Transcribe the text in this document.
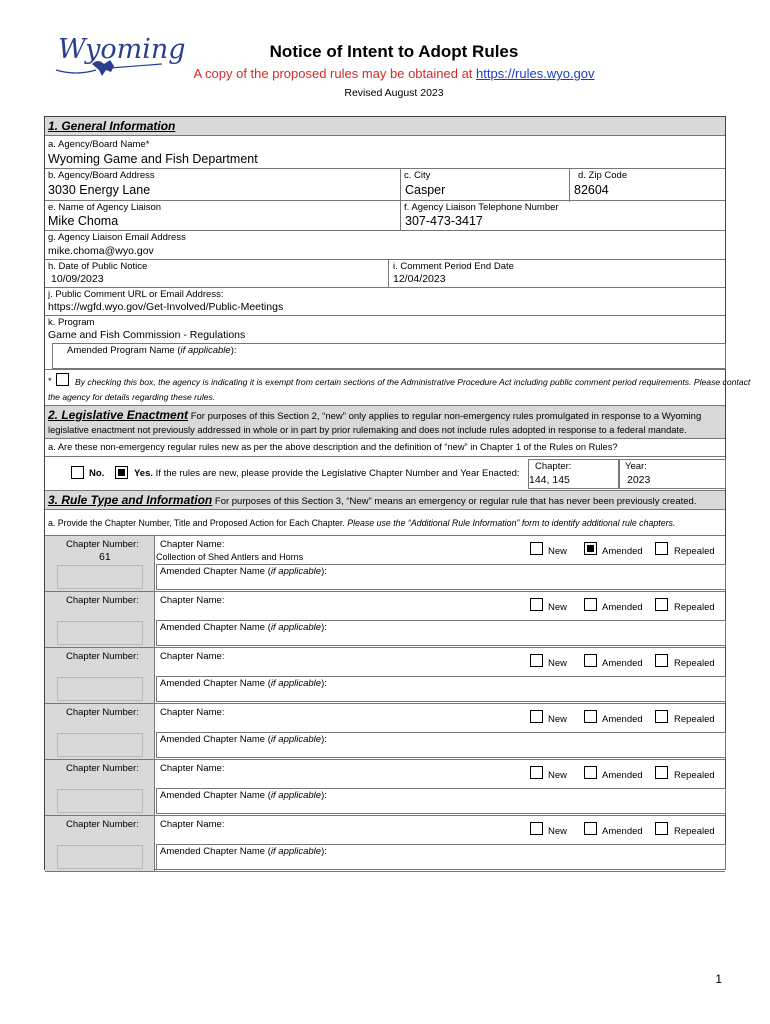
Wyoming	Notice of Intent to Adopt Rules
A copy of the proposed rules may be obtained at https://rules.wyo.gov
Revised August 2023
1. General Information
a. Agency/Board Name*
Wyoming Game and Fish Department
b. Agency/Board Address
3030 Energy Lane
c. City
Casper
d. Zip Code
82604
e. Name of Agency Liaison
Mike Choma
f. Agency Liaison Telephone Number
307-473-3417
g. Agency Liaison Email Address
mike.choma@wyo.gov
h. Date of Public Notice
10/09/2023
i. Comment Period End Date
12/04/2023
j. Public Comment URL or Email Address:
https://wgfd.wyo.gov/Get-Involved/Public-Meetings
k. Program
Game and Fish Commission - Regulations
Amended Program Name (if applicable):
*	By checking this box, the agency is indicating it is exempt from certain sections of the Administrative Procedure Act including public comment period requirements. Please contact
the agency for details regarding these rules.
2. Legislative Enactment For purposes of this Section 2, “new” only applies to regular non-emergency rules promulgated in response to a Wyoming
legislative enactment not previously addressed in whole or in part by prior rulemaking and does not include rules adopted in response to a federal mandate.
a. Are these non-emergency regular rules new as per the above description and the definition of “new” in Chapter 1 of the Rules on Rules?
No.	Yes. If the rules are new, please provide the Legislative Chapter Number and Year Enacted:
Chapter:
144, 145
Year:
2023
3. Rule Type and Information For purposes of this Section 3, “New” means an emergency or regular rule that has never been previously created.
a. Provide the Chapter Number, Title and Proposed Action for Each Chapter. Please use the “Additional Rule Information” form to identify additional rule chapters.
Chapter Number:
61
Chapter Name:
Collection of Shed Antlers and Horns	New	Amended	Repealed
Amended Chapter Name (if applicable):
Chapter Number: Chapter Name:
New	Amended	Repealed
Amended Chapter Name (if applicable):
Chapter Number: Chapter Name:
New	Amended	Repealed
Amended Chapter Name (if applicable):
Chapter Number: Chapter Name:
New	Amended	Repealed
Amended Chapter Name (if applicable):
Chapter Number: Chapter Name:
New	Amended	Repealed
Amended Chapter Name (if applicable):
Chapter Number: Chapter Name:
New	Amended	Repealed
Amended Chapter Name (if applicable):
1
